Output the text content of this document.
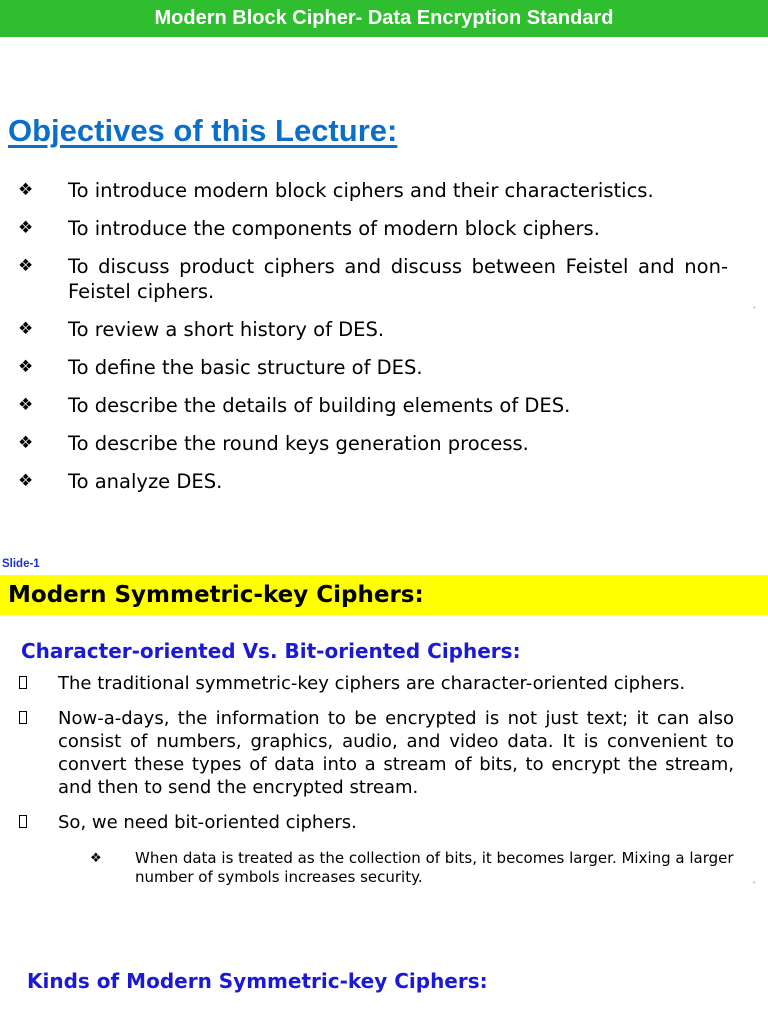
Modern Block Cipher- Data Encryption Standard
Objectives of this Lecture:
❖ To introduce modern block ciphers and their characteristics.
❖ To introduce the components of modern block ciphers.
❖ To discuss product ciphers and discuss between Feistel and non-Feistel ciphers.
❖ To review a short history of DES.
❖ To define the basic structure of DES.
❖ To describe the details of building elements of DES.
❖ To describe the round keys generation process.
❖ To analyze DES.
"
Slide-1
Modern Symmetric-key Ciphers:
Character-oriented Vs. Bit-oriented Ciphers:
The traditional symmetric-key ciphers are character-oriented ciphers.
Now-a-days, the information to be encrypted is not just text; it can also consist of numbers, graphics, audio, and video data. It is convenient to convert these types of data into a stream of bits, to encrypt the stream, and then to send the encrypted stream.
So, we need bit-oriented ciphers.
❖ When data is treated as the collection of bits, it becomes larger. Mixing a larger number of symbols increases security.	"
Kinds of Modern Symmetric-key Ciphers:
